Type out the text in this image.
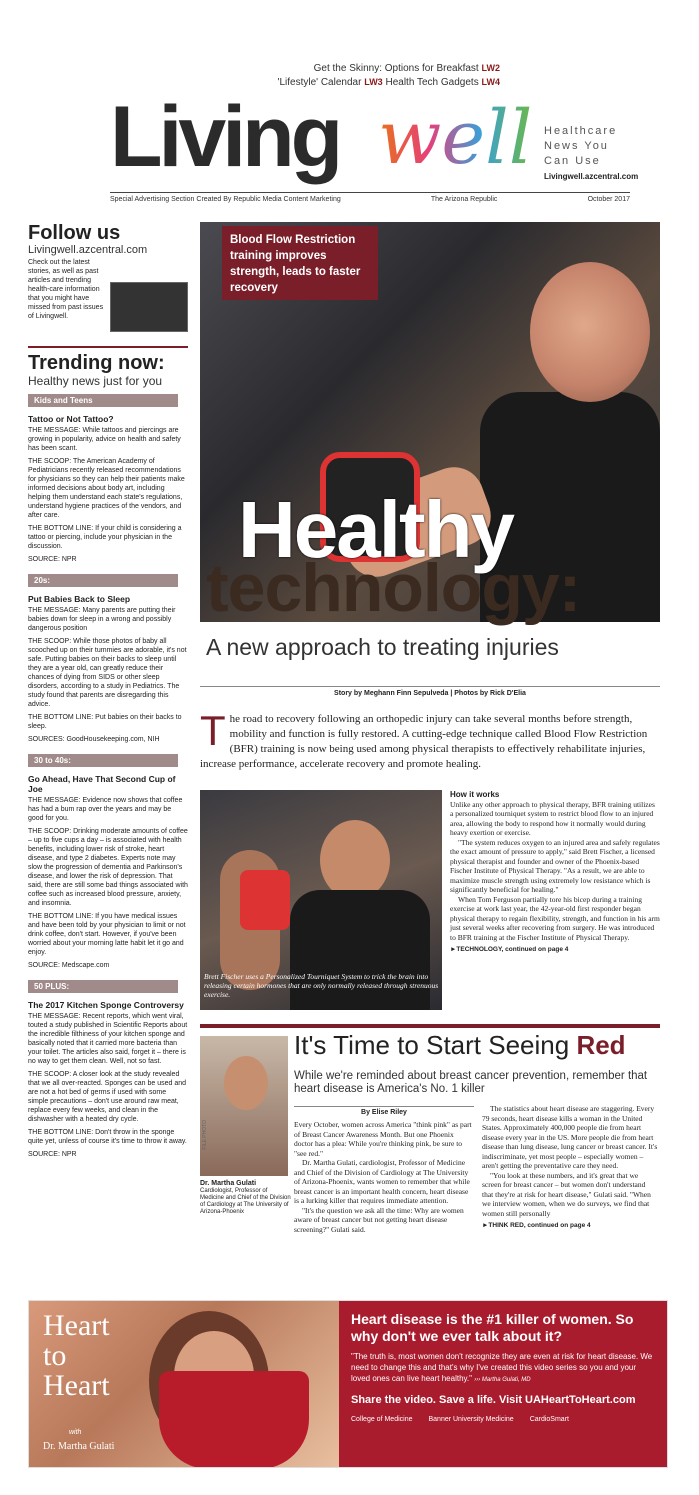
Get the Skinny: Options for Breakfast LW2
'Lifestyle' Calendar LW3 Health Tech Gadgets LW4
Living well Healthcare
News You
Can Use
Livingwell.azcentral.com
Special Advertising Section Created By Republic Media Content Marketing	The Arizona Republic	October 2017
Follow us
Livingwell.azcentral.com
Check out the latest stories, as well as past articles and trending health-care information that you might have missed from past issues of Livingwell.
Trending now:
Healthy news just for you
Kids and Teens
Tattoo or Not Tattoo?
THE MESSAGE: While tattoos and piercings are growing in popularity, advice on health and safety has been scant.
THE SCOOP: The American Academy of Pediatricians recently released recommendations for physicians so they can help their patients make informed decisions about body art, including helping them understand each state's regulations, understand hygiene practices of the vendors, and after care.
THE BOTTOM LINE: If your child is considering a tattoo or piercing, include your physician in the discussion.
SOURCE: NPR
20s:
Put Babies Back to Sleep
THE MESSAGE: Many parents are putting their babies down for sleep in a wrong and possibly dangerous position
THE SCOOP: While those photos of baby all scooched up on their tummies are adorable, it's not safe. Putting babies on their backs to sleep until they are a year old, can greatly reduce their chances of dying from SIDS or other sleep disorders, according to a study in Pediatrics. The study found that parents are disregarding this advice.
THE BOTTOM LINE: Put babies on their backs to sleep.
SOURCES: GoodHousekeeping.com, NIH
30 to 40s:
Go Ahead, Have That Second Cup of Joe
THE MESSAGE: Evidence now shows that coffee has had a bum rap over the years and may be good for you.
THE SCOOP: Drinking moderate amounts of coffee – up to five cups a day – is associated with health benefits, including lower risk of stroke, heart disease, and type 2 diabetes. Experts note may slow the progression of dementia and Parkinson's disease, and lower the risk of depression. That said, there are still some bad things associated with coffee such as increased blood pressure, anxiety, and insomnia.
THE BOTTOM LINE: If you have medical issues and have been told by your physician to limit or not drink coffee, don't start. However, if you've been worried about your morning latte habit let it go and enjoy.
SOURCE: Medscape.com
50 PLUS:
The 2017 Kitchen Sponge Controversy
THE MESSAGE: Recent reports, which went viral, touted a study published in Scientific Reports about the incredible filthiness of your kitchen sponge and basically noted that it carried more bacteria than your toilet. The articles also said, forget it – there is no way to get them clean. Well, not so fast.
THE SCOOP: A closer look at the study revealed that we all over-reacted. Sponges can be used and are not a hot bed of germs if used with some simple precautions – don't use around raw meat, replace every few weeks, and clean in the dishwasher with a heated dry cycle.
THE BOTTOM LINE: Don't throw in the sponge quite yet, unless of course it's time to throw it away.
SOURCE: NPR
Blood Flow Restriction training improves strength, leads to faster recovery
Healthy
technology:
A new approach to treating injuries
Story by Meghann Finn Sepulveda | Photos by Rick D'Elia
The road to recovery following an orthopedic injury can take several months before strength, mobility and function is fully restored. A cutting-edge technique called Blood Flow Restriction (BFR) training is now being used among physical therapists to effectively rehabilitate injuries, increase performance, accelerate recovery and promote healing.
Brett Fischer uses a Personalized Tourniquet System to trick the brain into releasing certain hormones that are only normally released through strenuous exercise.
How it works

Unlike any other approach to physical therapy, BFR training utilizes a personalized tourniquet system to restrict blood flow to an injured area, allowing the body to respond how it normally would during heavy exertion or exercise.

"The system reduces oxygen to an injured area and safely regulates the exact amount of pressure to apply," said Brett Fischer, a licensed physical therapist and founder and owner of the Phoenix-based Fischer Institute of Physical Therapy. "As a result, we are able to maximize muscle strength using extremely low resistance which is significantly beneficial for healing."

When Tom Ferguson partially tore his bicep during a training exercise at work last year, the 42-year-old first responder began physical therapy to regain flexibility, strength, and function in his arm just several weeks after recovering from surgery. He was introduced to BFR training at the Fischer Institute of Physical Therapy.

►TECHNOLOGY, continued on page 4
FILE PHOTO
Dr. Martha Gulati
Cardiologist, Professor of Medicine and Chief of the Division of Cardiology at The University of Arizona-Phoenix
It's Time to Start Seeing Red
While we're reminded about breast cancer prevention, remember that heart disease is America's No. 1 killer
By Elise Riley

Every October, women across America "think pink" as part of Breast Cancer Awareness Month. But one Phoenix doctor has a plea: While you're thinking pink, be sure to "see red."

Dr. Martha Gulati, cardiologist, Professor of Medicine and Chief of the Division of Cardiology at The University of Arizona-Phoenix, wants women to remember that while breast cancer is an important health concern, heart disease is a lurking killer that requires immediate attention.

"It's the question we ask all the time: Why are women aware of breast cancer but not getting heart disease screening?" Gulati said.

The statistics about heart disease are staggering. Every 79 seconds, heart disease kills a woman in the United States. Approximately 400,000 people die from heart disease every year in the US. More people die from heart disease than lung disease, lung cancer or breast cancer. It's indiscriminate, yet most people – especially women – aren't getting the preventative care they need.

"You look at these numbers, and it's great that we screen for breast cancer – but women don't understand that they're at risk for heart disease," Gulati said. "When we interview women, when we do surveys, we find that women still personally

►THINK RED, continued on page 4
Heart
to
Heart
with
Dr. Martha Gulati
Heart disease is the #1 killer of women. So why don't we ever talk about it?
"The truth is, most women don't recognize they are even at risk for heart disease. We need to change this and that's why I've created this video series so you and your loved ones can live heart healthy." ››› Martha Gulati, MD
Share the video. Save a life. Visit UAHeartToHeart.com
College of Medicine Banner University Medicine CardioSmart
